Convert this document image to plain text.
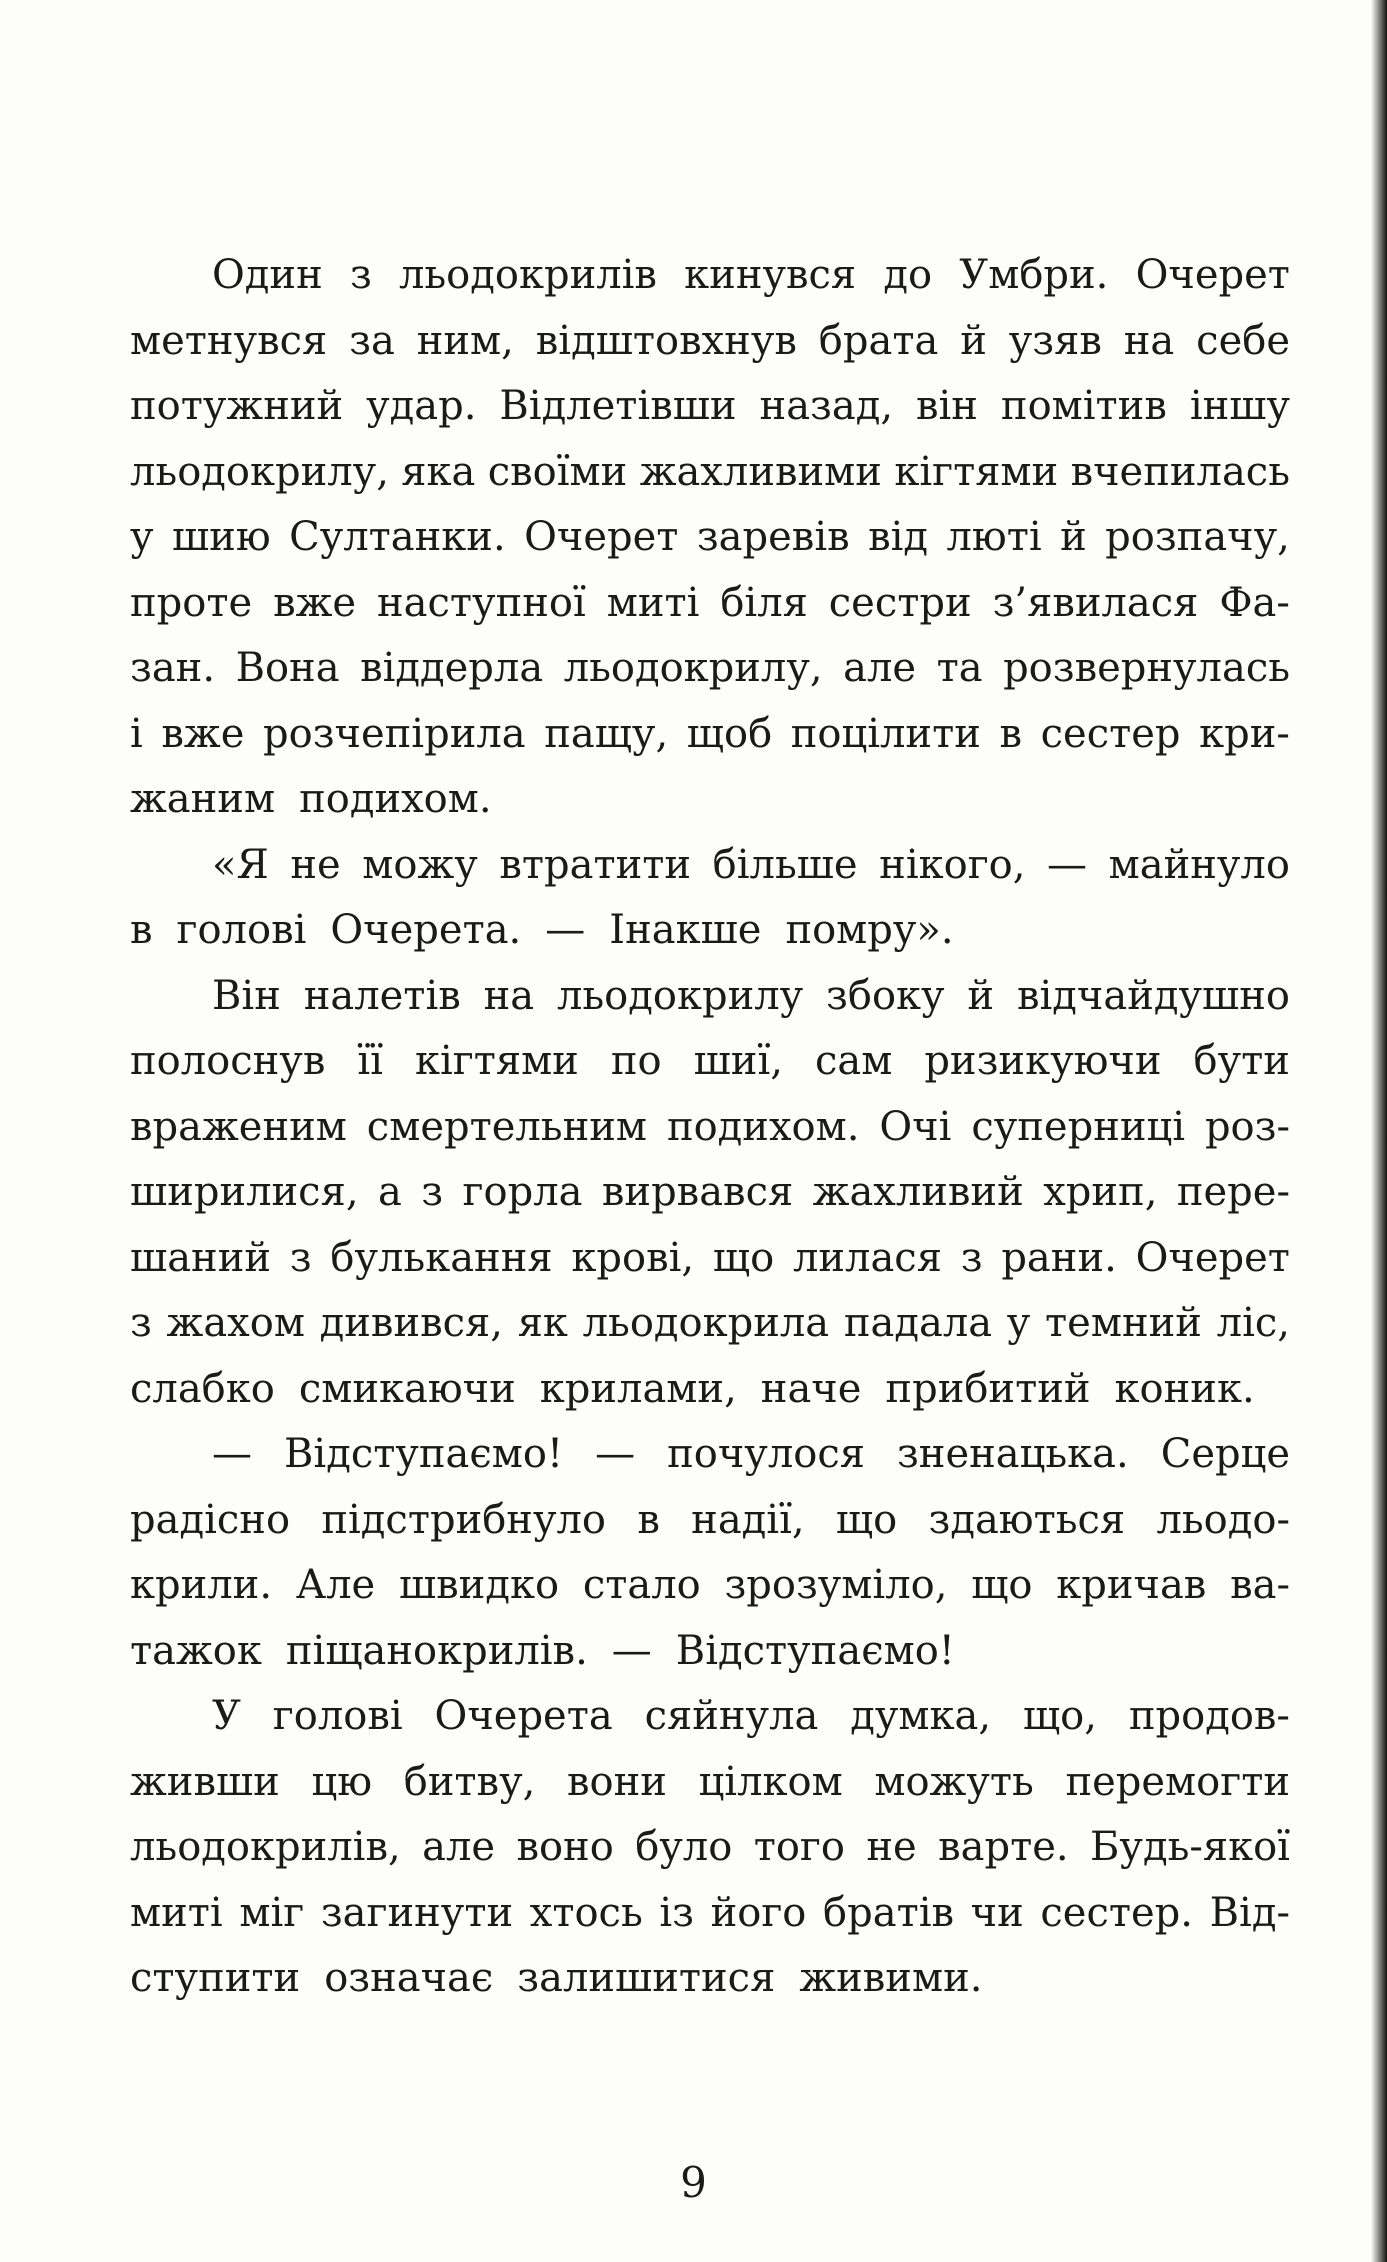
Один з льодокрилів кинувся до Умбри. Очерет
метнувся за ним, відштовхнув брата й узяв на себе
потужний удар. Відлетівши назад, він помітив іншу
льодокрилу, яка своїми жахливими кігтями вчепилась
у шию Султанки. Очерет заревів від люті й розпачу,
проте вже наступної миті біля сестри з’явилася Фа-
зан. Вона віддерла льодокрилу, але та розвернулась
і вже розчепірила пащу, щоб поцілити в сестер кри-
жаним подихом.
«Я не можу втратити більше нікого, — майнуло
в голові Очерета. — Інакше помру».
Він налетів на льодокрилу збоку й відчайдушно
полоснув її кігтями по шиї, сам ризикуючи бути
враженим смертельним подихом. Очі суперниці роз-
ширилися, а з горла вирвався жахливий хрип, пере-
шаний з булькання крові, що лилася з рани. Очерет
з жахом дивився, як льодокрила падала у темний ліс,
слабко смикаючи крилами, наче прибитий коник.
— Відступаємо! — почулося зненацька. Серце
радісно підстрибнуло в надії, що здаються льодо-
крили. Але швидко стало зрозуміло, що кричав ва-
тажок піщанокрилів. — Відступаємо!
У голові Очерета сяйнула думка, що, продов-
живши цю битву, вони цілком можуть перемогти
льодокрилів, але воно було того не варте. Будь-якої
миті міг загинути хтось із його братів чи сестер. Від-
ступити означає залишитися живими.
9
